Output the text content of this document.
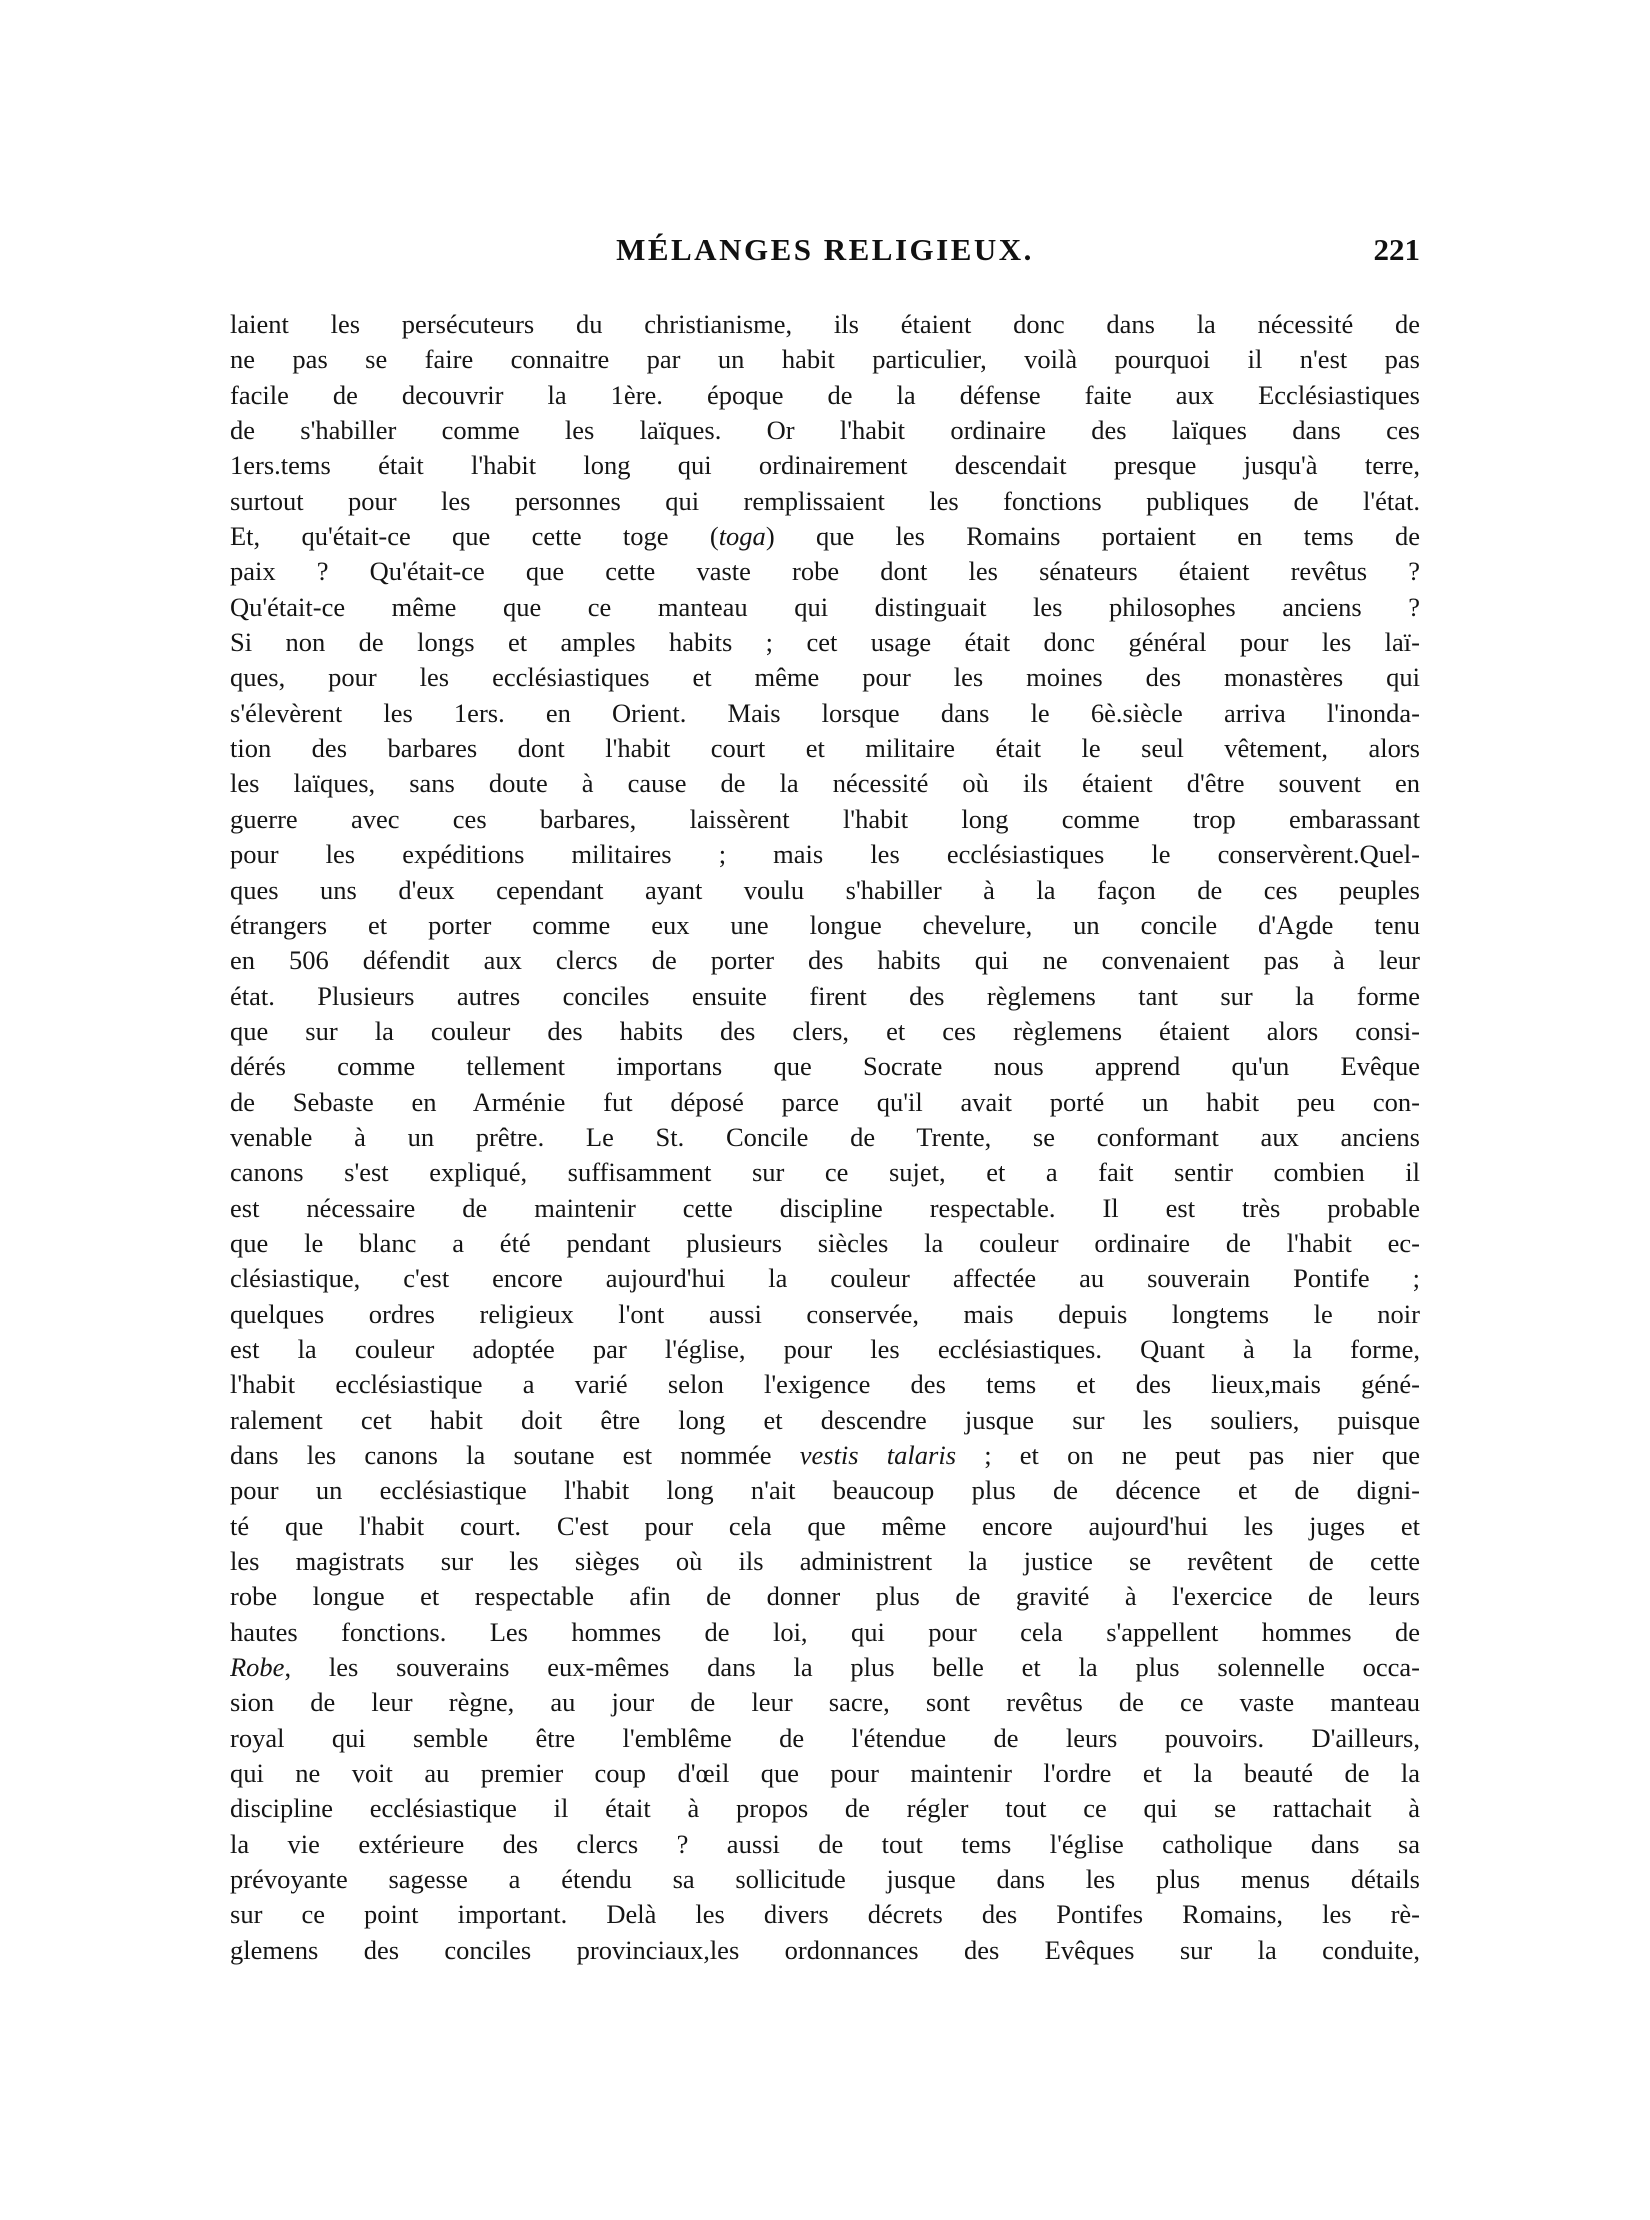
MÉLANGES RELIGIEUX.	221
laient les persécuteurs du christianisme, ils étaient donc dans la nécessité de
ne pas se faire connaitre par un habit particulier, voilà pourquoi il n'est pas
facile de decouvrir la 1ère. époque de la défense faite aux Ecclésiastiques
de s'habiller comme les laïques. Or l'habit ordinaire des laïques dans ces
1ers.tems était l'habit long qui ordinairement descendait presque jusqu'à terre,
surtout pour les personnes qui remplissaient les fonctions publiques de l'état.
Et, qu'était-ce que cette toge (toga) que les Romains portaient en tems de
paix ? Qu'était-ce que cette vaste robe dont les sénateurs étaient revêtus ?
Qu'était-ce même que ce manteau qui distinguait les philosophes anciens ?
Si non de longs et amples habits ; cet usage était donc général pour les laï-
ques, pour les ecclésiastiques et même pour les moines des monastères qui
s'élevèrent les 1ers. en Orient. Mais lorsque dans le 6è.siècle arriva l'inonda-
tion des barbares dont l'habit court et militaire était le seul vêtement, alors
les laïques, sans doute à cause de la nécessité où ils étaient d'être souvent en
guerre avec ces barbares, laissèrent l'habit long comme trop embarassant
pour les expéditions militaires ; mais les ecclésiastiques le conservèrent.Quel-
ques uns d'eux cependant ayant voulu s'habiller à la façon de ces peuples
étrangers et porter comme eux une longue chevelure, un concile d'Agde tenu
en 506 défendit aux clercs de porter des habits qui ne convenaient pas à leur
état. Plusieurs autres conciles ensuite firent des règlemens tant sur la forme
que sur la couleur des habits des clers, et ces règlemens étaient alors consi-
dérés comme tellement importans que Socrate nous apprend qu'un Evêque
de Sebaste en Arménie fut déposé parce qu'il avait porté un habit peu con-
venable à un prêtre. Le St. Concile de Trente, se conformant aux anciens
canons s'est expliqué, suffisamment sur ce sujet, et a fait sentir combien il
est nécessaire de maintenir cette discipline respectable. Il est très probable
que le blanc a été pendant plusieurs siècles la couleur ordinaire de l'habit ec-
clésiastique, c'est encore aujourd'hui la couleur affectée au souverain Pontife ;
quelques ordres religieux l'ont aussi conservée, mais depuis longtems le noir
est la couleur adoptée par l'église, pour les ecclésiastiques. Quant à la forme,
l'habit ecclésiastique a varié selon l'exigence des tems et des lieux,mais géné-
ralement cet habit doit être long et descendre jusque sur les souliers, puisque
dans les canons la soutane est nommée vestis talaris ; et on ne peut pas nier que
pour un ecclésiastique l'habit long n'ait beaucoup plus de décence et de digni-
té que l'habit court. C'est pour cela que même encore aujourd'hui les juges et
les magistrats sur les sièges où ils administrent la justice se revêtent de cette
robe longue et respectable afin de donner plus de gravité à l'exercice de leurs
hautes fonctions. Les hommes de loi, qui pour cela s'appellent hommes de
Robe, les souverains eux-mêmes dans la plus belle et la plus solennelle occa-
sion de leur règne, au jour de leur sacre, sont revêtus de ce vaste manteau
royal qui semble être l'emblême de l'étendue de leurs pouvoirs. D'ailleurs,
qui ne voit au premier coup d'œil que pour maintenir l'ordre et la beauté de la
discipline ecclésiastique il était à propos de régler tout ce qui se rattachait à
la vie extérieure des clercs ? aussi de tout tems l'église catholique dans sa
prévoyante sagesse a étendu sa sollicitude jusque dans les plus menus détails
sur ce point important. Delà les divers décrets des Pontifes Romains, les rè-
glemens des conciles provinciaux,les ordonnances des Evêques sur la conduite,
